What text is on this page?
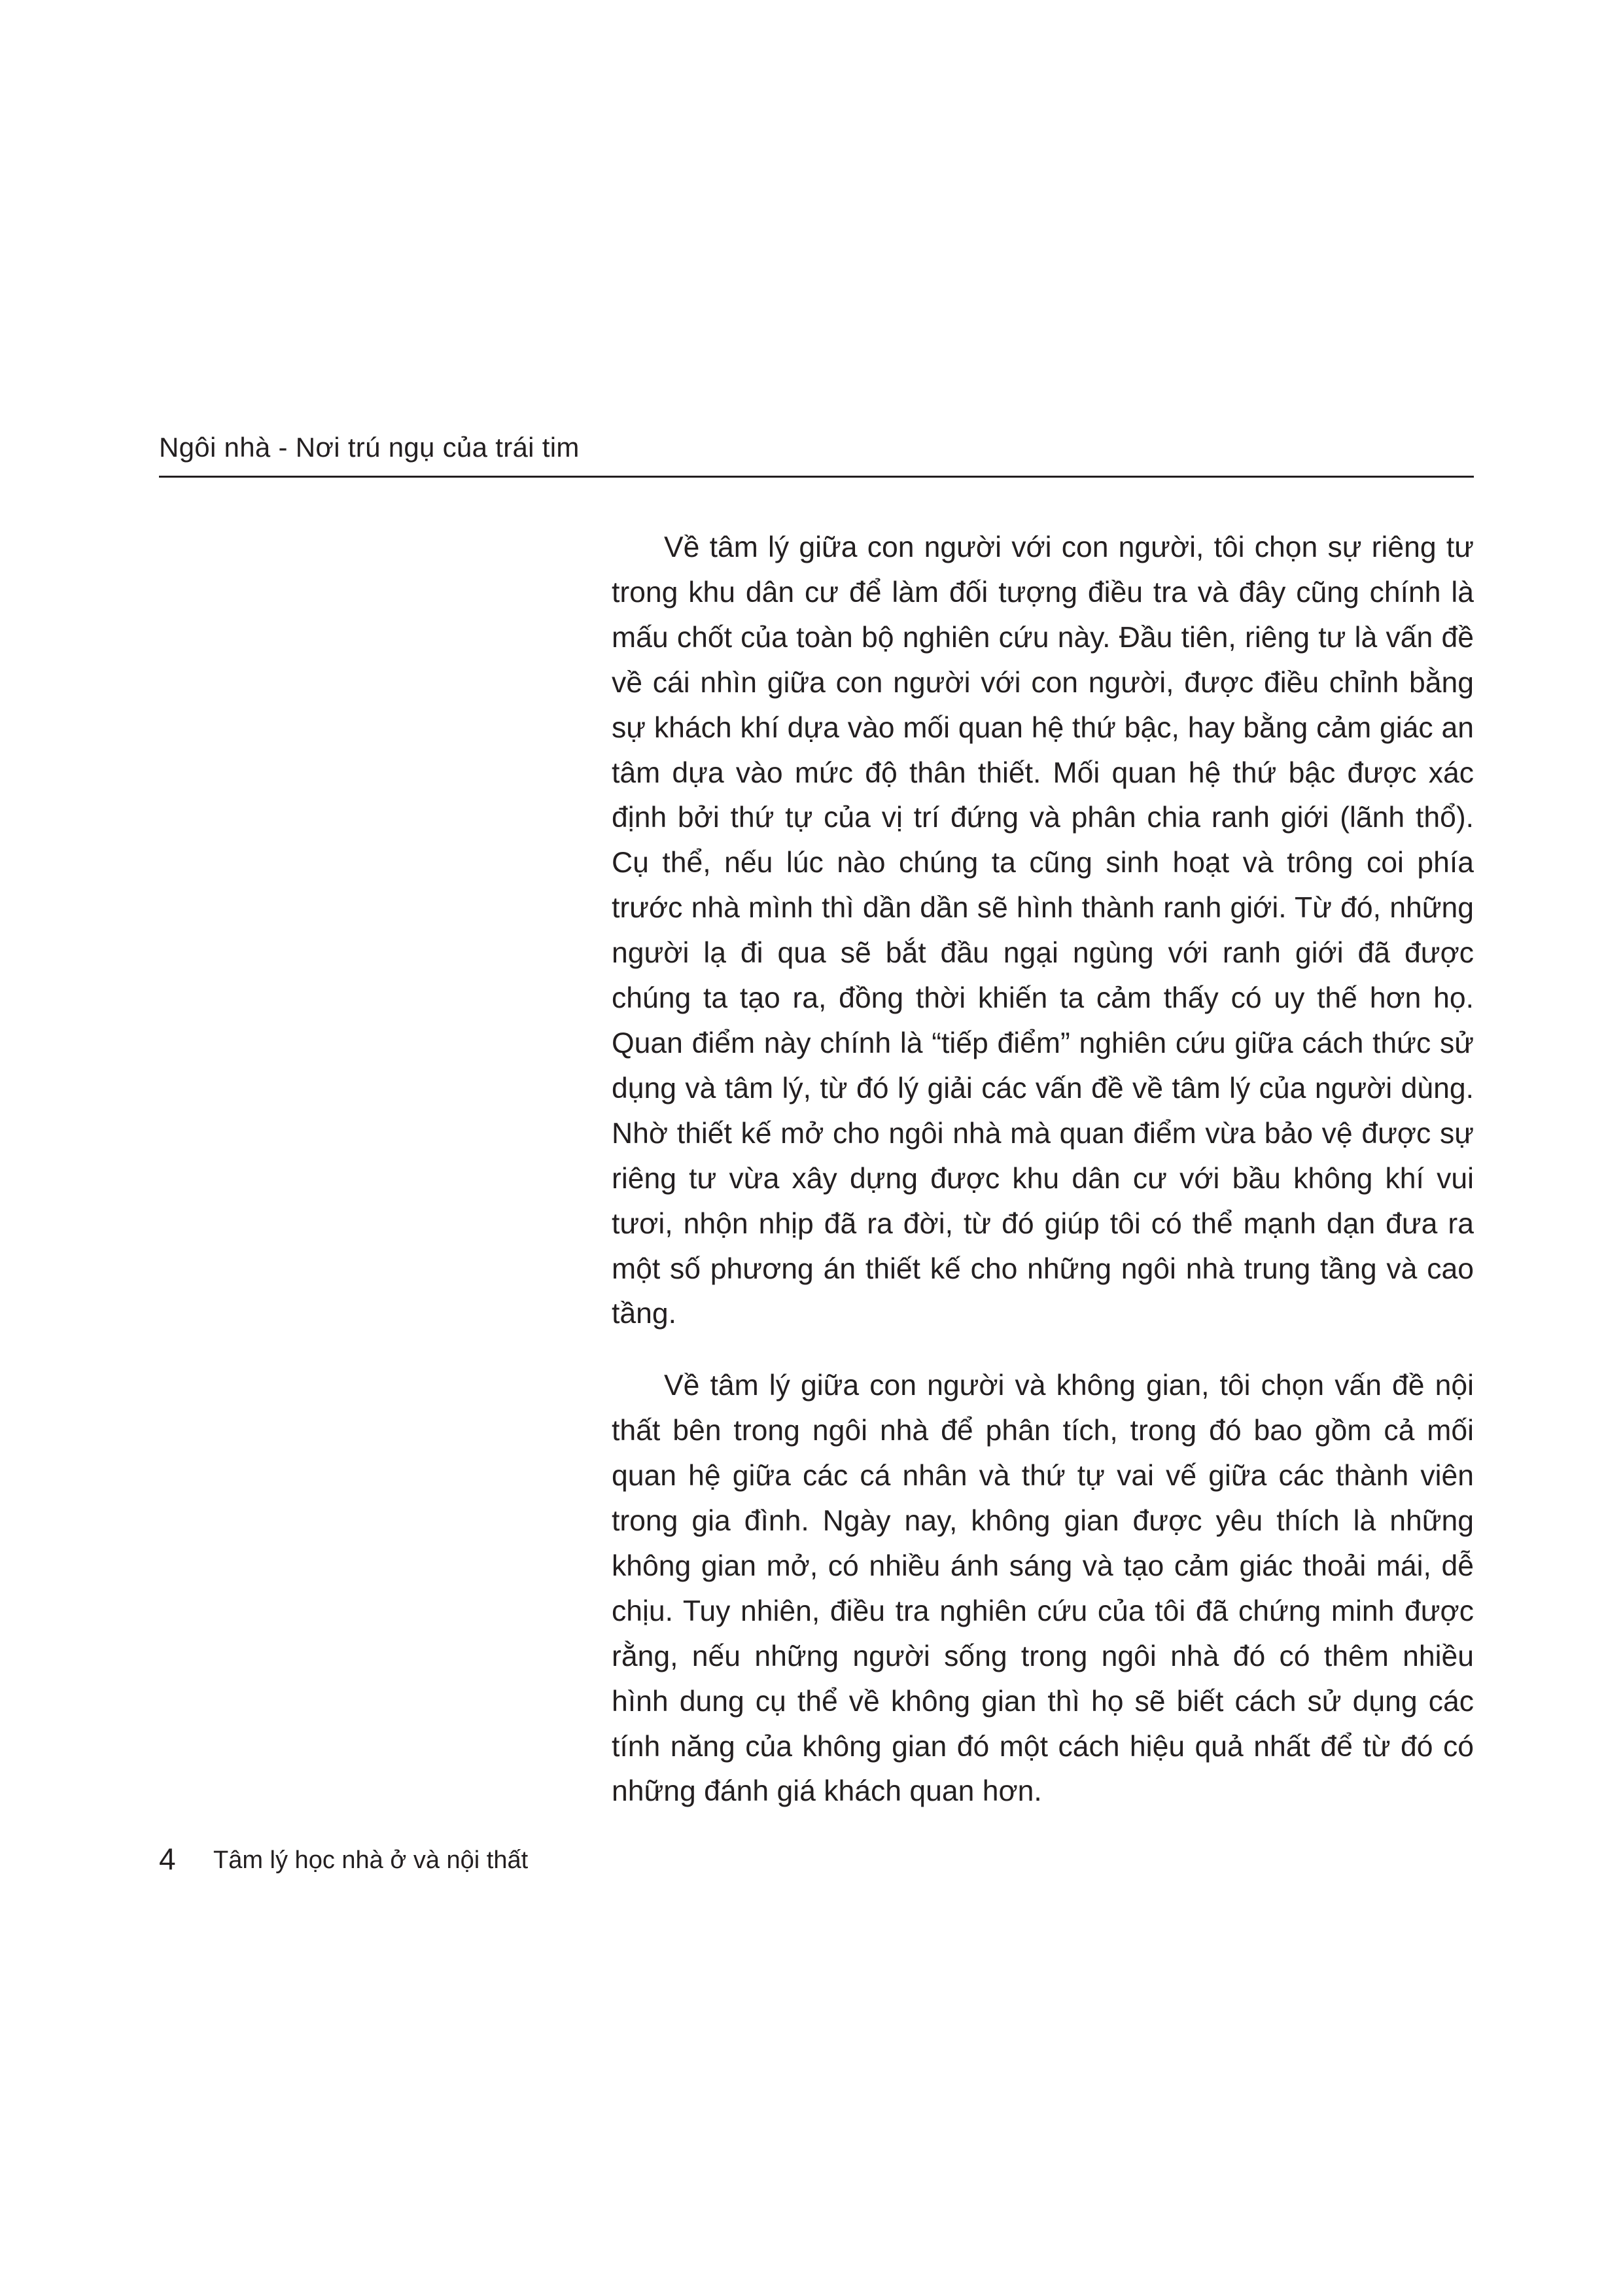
Ngôi nhà - Nơi trú ngụ của trái tim

Về tâm lý giữa con người với con người, tôi chọn sự riêng tư trong khu dân cư để làm đối tượng điều tra và đây cũng chính là mấu chốt của toàn bộ nghiên cứu này. Đầu tiên, riêng tư là vấn đề về cái nhìn giữa con người với con người, được điều chỉnh bằng sự khách khí dựa vào mối quan hệ thứ bậc, hay bằng cảm giác an tâm dựa vào mức độ thân thiết. Mối quan hệ thứ bậc được xác định bởi thứ tự của vị trí đứng và phân chia ranh giới (lãnh thổ). Cụ thể, nếu lúc nào chúng ta cũng sinh hoạt và trông coi phía trước nhà mình thì dần dần sẽ hình thành ranh giới. Từ đó, những người lạ đi qua sẽ bắt đầu ngại ngùng với ranh giới đã được chúng ta tạo ra, đồng thời khiến ta cảm thấy có uy thế hơn họ. Quan điểm này chính là “tiếp điểm” nghiên cứu giữa cách thức sử dụng và tâm lý, từ đó lý giải các vấn đề về tâm lý của người dùng. Nhờ thiết kế mở cho ngôi nhà mà quan điểm vừa bảo vệ được sự riêng tư vừa xây dựng được khu dân cư với bầu không khí vui tươi, nhộn nhịp đã ra đời, từ đó giúp tôi có thể mạnh dạn đưa ra một số phương án thiết kế cho những ngôi nhà trung tầng và cao tầng.

Về tâm lý giữa con người và không gian, tôi chọn vấn đề nội thất bên trong ngôi nhà để phân tích, trong đó bao gồm cả mối quan hệ giữa các cá nhân và thứ tự vai vế giữa các thành viên trong gia đình. Ngày nay, không gian được yêu thích là những không gian mở, có nhiều ánh sáng và tạo cảm giác thoải mái, dễ chịu. Tuy nhiên, điều tra nghiên cứu của tôi đã chứng minh được rằng, nếu những người sống trong ngôi nhà đó có thêm nhiều hình dung cụ thể về không gian thì họ sẽ biết cách sử dụng các tính năng của không gian đó một cách hiệu quả nhất để từ đó có những đánh giá khách quan hơn.

4 Tâm lý học nhà ở và nội thất
